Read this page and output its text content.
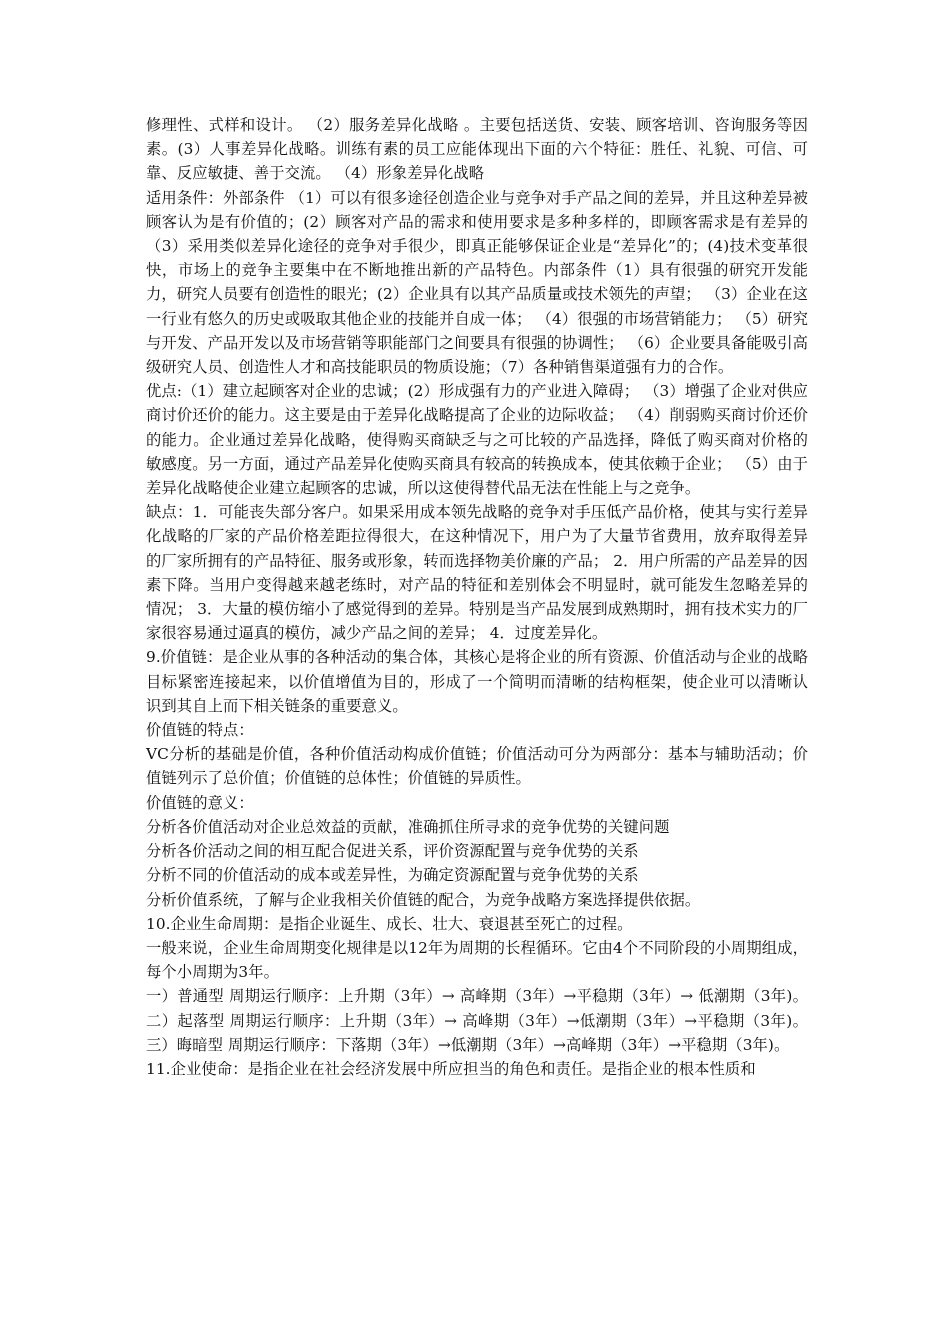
修理性、式样和设计。 （2）服务差异化战略 。主要包括送货、安装、顾客培训、咨询服务等因素。(3）人事差异化战略。训练有素的员工应能体现出下面的六个特征：胜任、礼貌、可信、可靠、反应敏捷、善于交流。 （4）形象差异化战略

适用条件：外部条件 （1）可以有很多途径创造企业与竞争对手产品之间的差异，并且这种差异被顾客认为是有价值的；(2）顾客对产品的需求和使用要求是多种多样的，即顾客需求是有差异的 （3）采用类似差异化途径的竞争对手很少，即真正能够保证企业是“差异化”的；(4)技术变革很快，市场上的竞争主要集中在不断地推出新的产品特色。内部条件（1）具有很强的研究开发能力，研究人员要有创造性的眼光；(2）企业具有以其产品质量或技术领先的声望； （3）企业在这一行业有悠久的历史或吸取其他企业的技能并自成一体； （4）很强的市场营销能力； （5）研究与开发、产品开发以及市场营销等职能部门之间要具有很强的协调性； （6）企业要具备能吸引高级研究人员、创造性人才和高技能职员的物质设施；（7）各种销售渠道强有力的合作。

优点:（1）建立起顾客对企业的忠诚；(2）形成强有力的产业进入障碍； （3）增强了企业对供应商讨价还价的能力。这主要是由于差异化战略提高了企业的边际收益； （4）削弱购买商讨价还价的能力。企业通过差异化战略，使得购买商缺乏与之可比较的产品选择，降低了购买商对价格的敏感度。另一方面，通过产品差异化使购买商具有较高的转换成本，使其依赖于企业； （5）由于差异化战略使企业建立起顾客的忠诚，所以这使得替代品无法在性能上与之竞争。

缺点：1．可能丧失部分客户。如果采用成本领先战略的竞争对手压低产品价格，使其与实行差异化战略的厂家的产品价格差距拉得很大，在这种情况下，用户为了大量节省费用，放弃取得差异的厂家所拥有的产品特征、服务或形象，转而选择物美价廉的产品； 2．用户所需的产品差异的因素下降。当用户变得越来越老练时，对产品的特征和差别体会不明显时，就可能发生忽略差异的情况； 3．大量的模仿缩小了感觉得到的差异。特别是当产品发展到成熟期时，拥有技术实力的厂家很容易通过逼真的模仿，减少产品之间的差异； 4．过度差异化。

9.价值链：是企业从事的各种活动的集合体，其核心是将企业的所有资源、价值活动与企业的战略目标紧密连接起来，以价值增值为目的，形成了一个简明而清晰的结构框架，使企业可以清晰认识到其自上而下相关链条的重要意义。

价值链的特点：

VC分析的基础是价值，各种价值活动构成价值链；价值活动可分为两部分：基本与辅助活动；价值链列示了总价值；价值链的总体性；价值链的异质性。

价值链的意义：

分析各价值活动对企业总效益的贡献，准确抓住所寻求的竞争优势的关键问题

分析各价活动之间的相互配合促进关系，评价资源配置与竞争优势的关系

分析不同的价值活动的成本或差异性，为确定资源配置与竞争优势的关系

分析价值系统，了解与企业我相关价值链的配合，为竞争战略方案选择提供依据。

10.企业生命周期：是指企业诞生、成长、壮大、衰退甚至死亡的过程。

一般来说，企业生命周期变化规律是以12年为周期的长程循环。它由4个不同阶段的小周期组成，每个小周期为3年。

一）普通型 周期运行顺序：上升期（3年）→ 高峰期（3年）→平稳期（3年）→ 低潮期（3年)。二）起落型 周期运行顺序：上升期（3年）→ 高峰期（3年）→低潮期（3年）→平稳期（3年)。三）晦暗型 周期运行顺序：下落期（3年）→低潮期（3年）→高峰期（3年）→平稳期（3年)。

11.企业使命：是指企业在社会经济发展中所应担当的角色和责任。是指企业的根本性质和
